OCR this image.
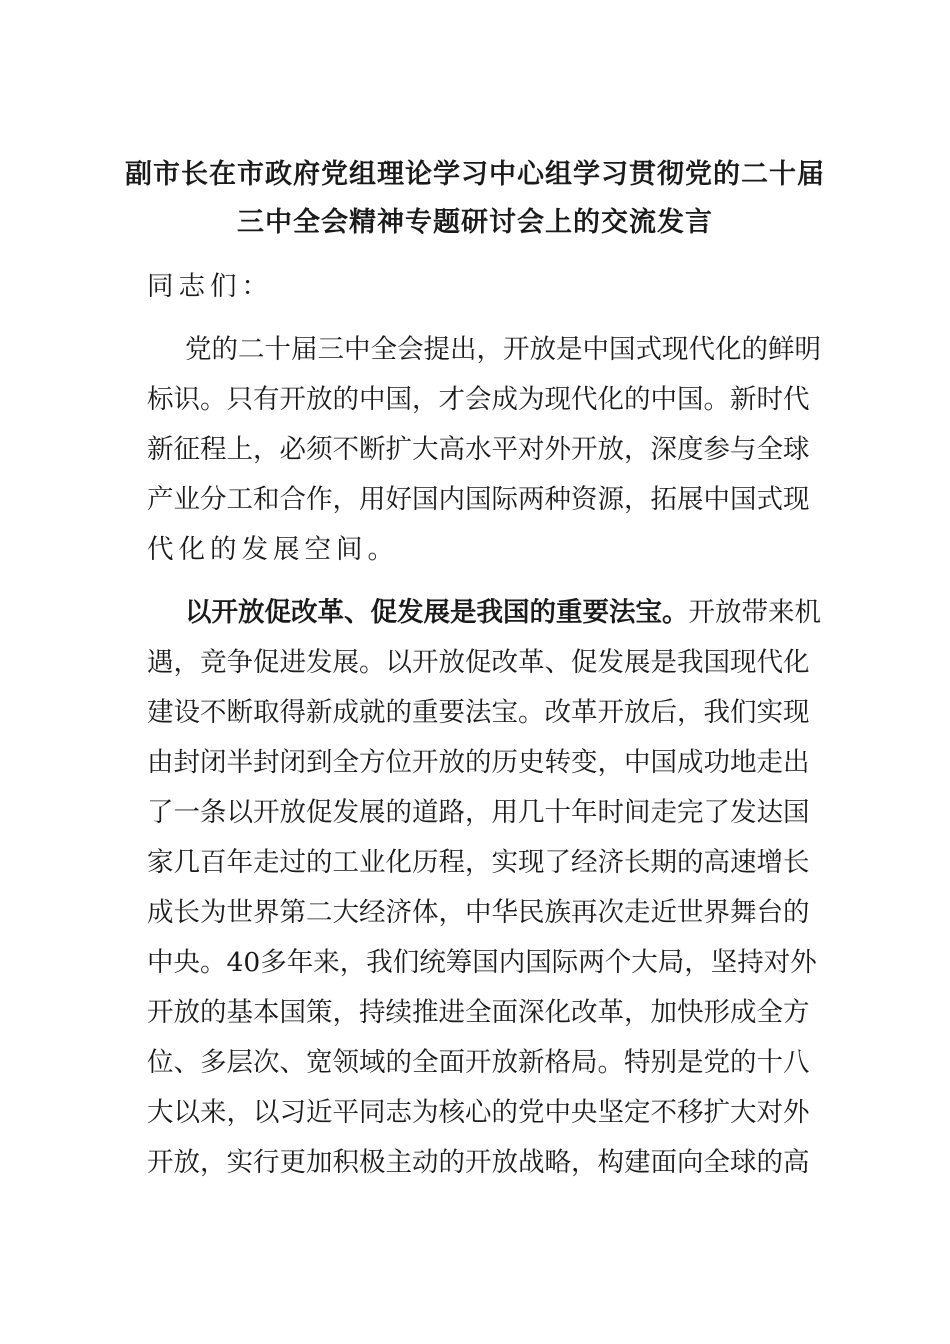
副市长在市政府党组理论学习中心组学习贯彻党的二十届
三中全会精神专题研讨会上的交流发言

同志们：

党的二十届三中全会提出，开放是中国式现代化的鲜明

标识。只有开放的中国，才会成为现代化的中国。新时代

新征程上，必须不断扩大高水平对外开放，深度参与全球

产业分工和合作，用好国内国际两种资源，拓展中国式现

代化的发展空间。

以开放促改革、促发展是我国的重要法宝。开放带来机

遇，竞争促进发展。以开放促改革、促发展是我国现代化

建设不断取得新成就的重要法宝。改革开放后，我们实现

由封闭半封闭到全方位开放的历史转变，中国成功地走出

了一条以开放促发展的道路，用几十年时间走完了发达国

家几百年走过的工业化历程，实现了经济长期的高速增长

成长为世界第二大经济体，中华民族再次走近世界舞台的

中央。40多年来，我们统筹国内国际两个大局，坚持对外

开放的基本国策，持续推进全面深化改革，加快形成全方

位、多层次、宽领域的全面开放新格局。特别是党的十八

大以来，以习近平同志为核心的党中央坚定不移扩大对外

开放，实行更加积极主动的开放战略，构建面向全球的高
